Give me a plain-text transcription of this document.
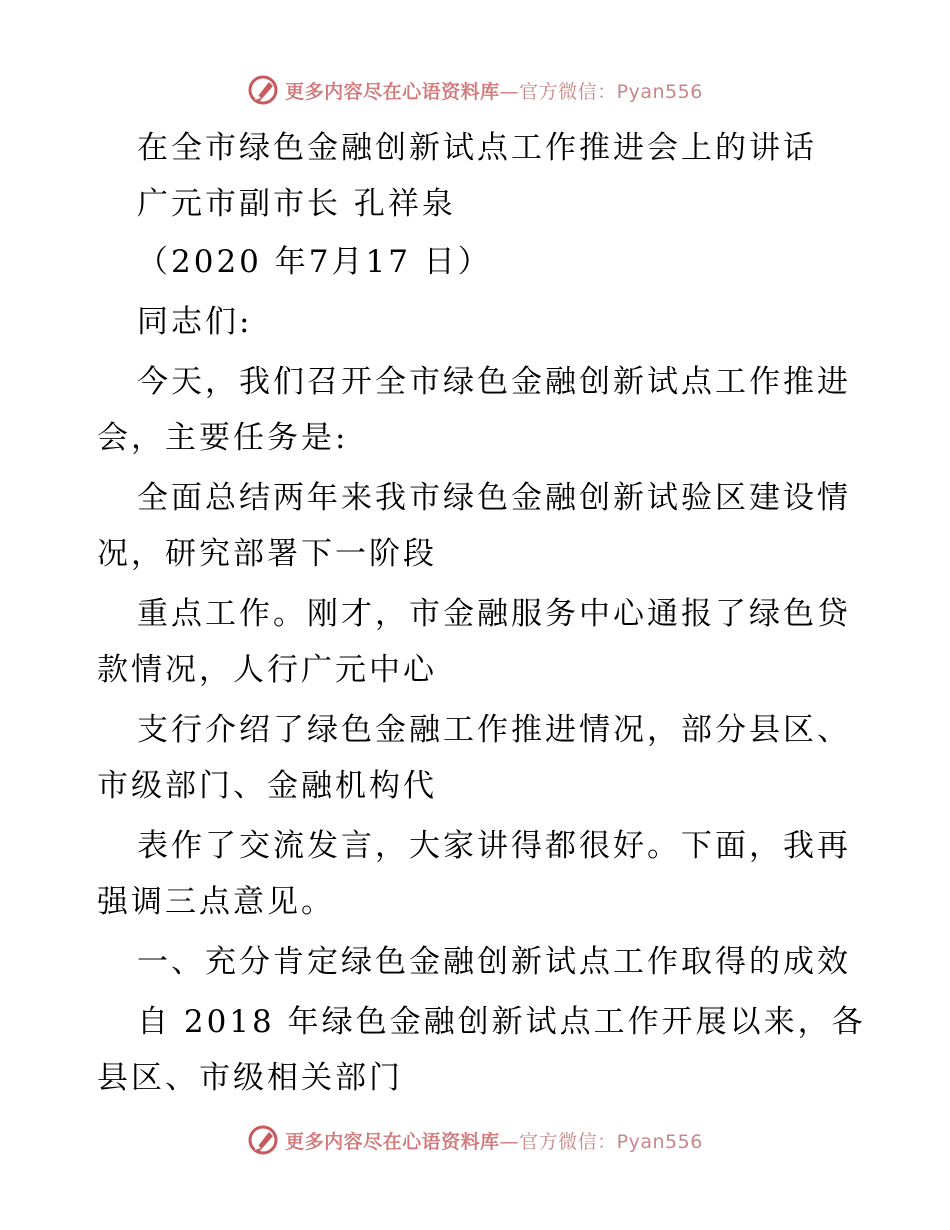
更多内容尽在心语资料库—官方微信：Pyan556
在全市绿色金融创新试点工作推进会上的讲话
广元市副市长 孔祥泉
（2020 年7月17 日）
同志们:
今天，我们召开全市绿色金融创新试点工作推进
会，主要任务是:
全面总结两年来我市绿色金融创新试验区建设情
况，研究部署下一阶段
重点工作。刚才，市金融服务中心通报了绿色贷
款情况，人行广元中心
支行介绍了绿色金融工作推进情况，部分县区、
市级部门、金融机构代
表作了交流发言，大家讲得都很好。下面，我再
强调三点意见。
一、充分肯定绿色金融创新试点工作取得的成效
自 2018 年绿色金融创新试点工作开展以来，各
县区、市级相关部门
更多内容尽在心语资料库—官方微信：Pyan556
